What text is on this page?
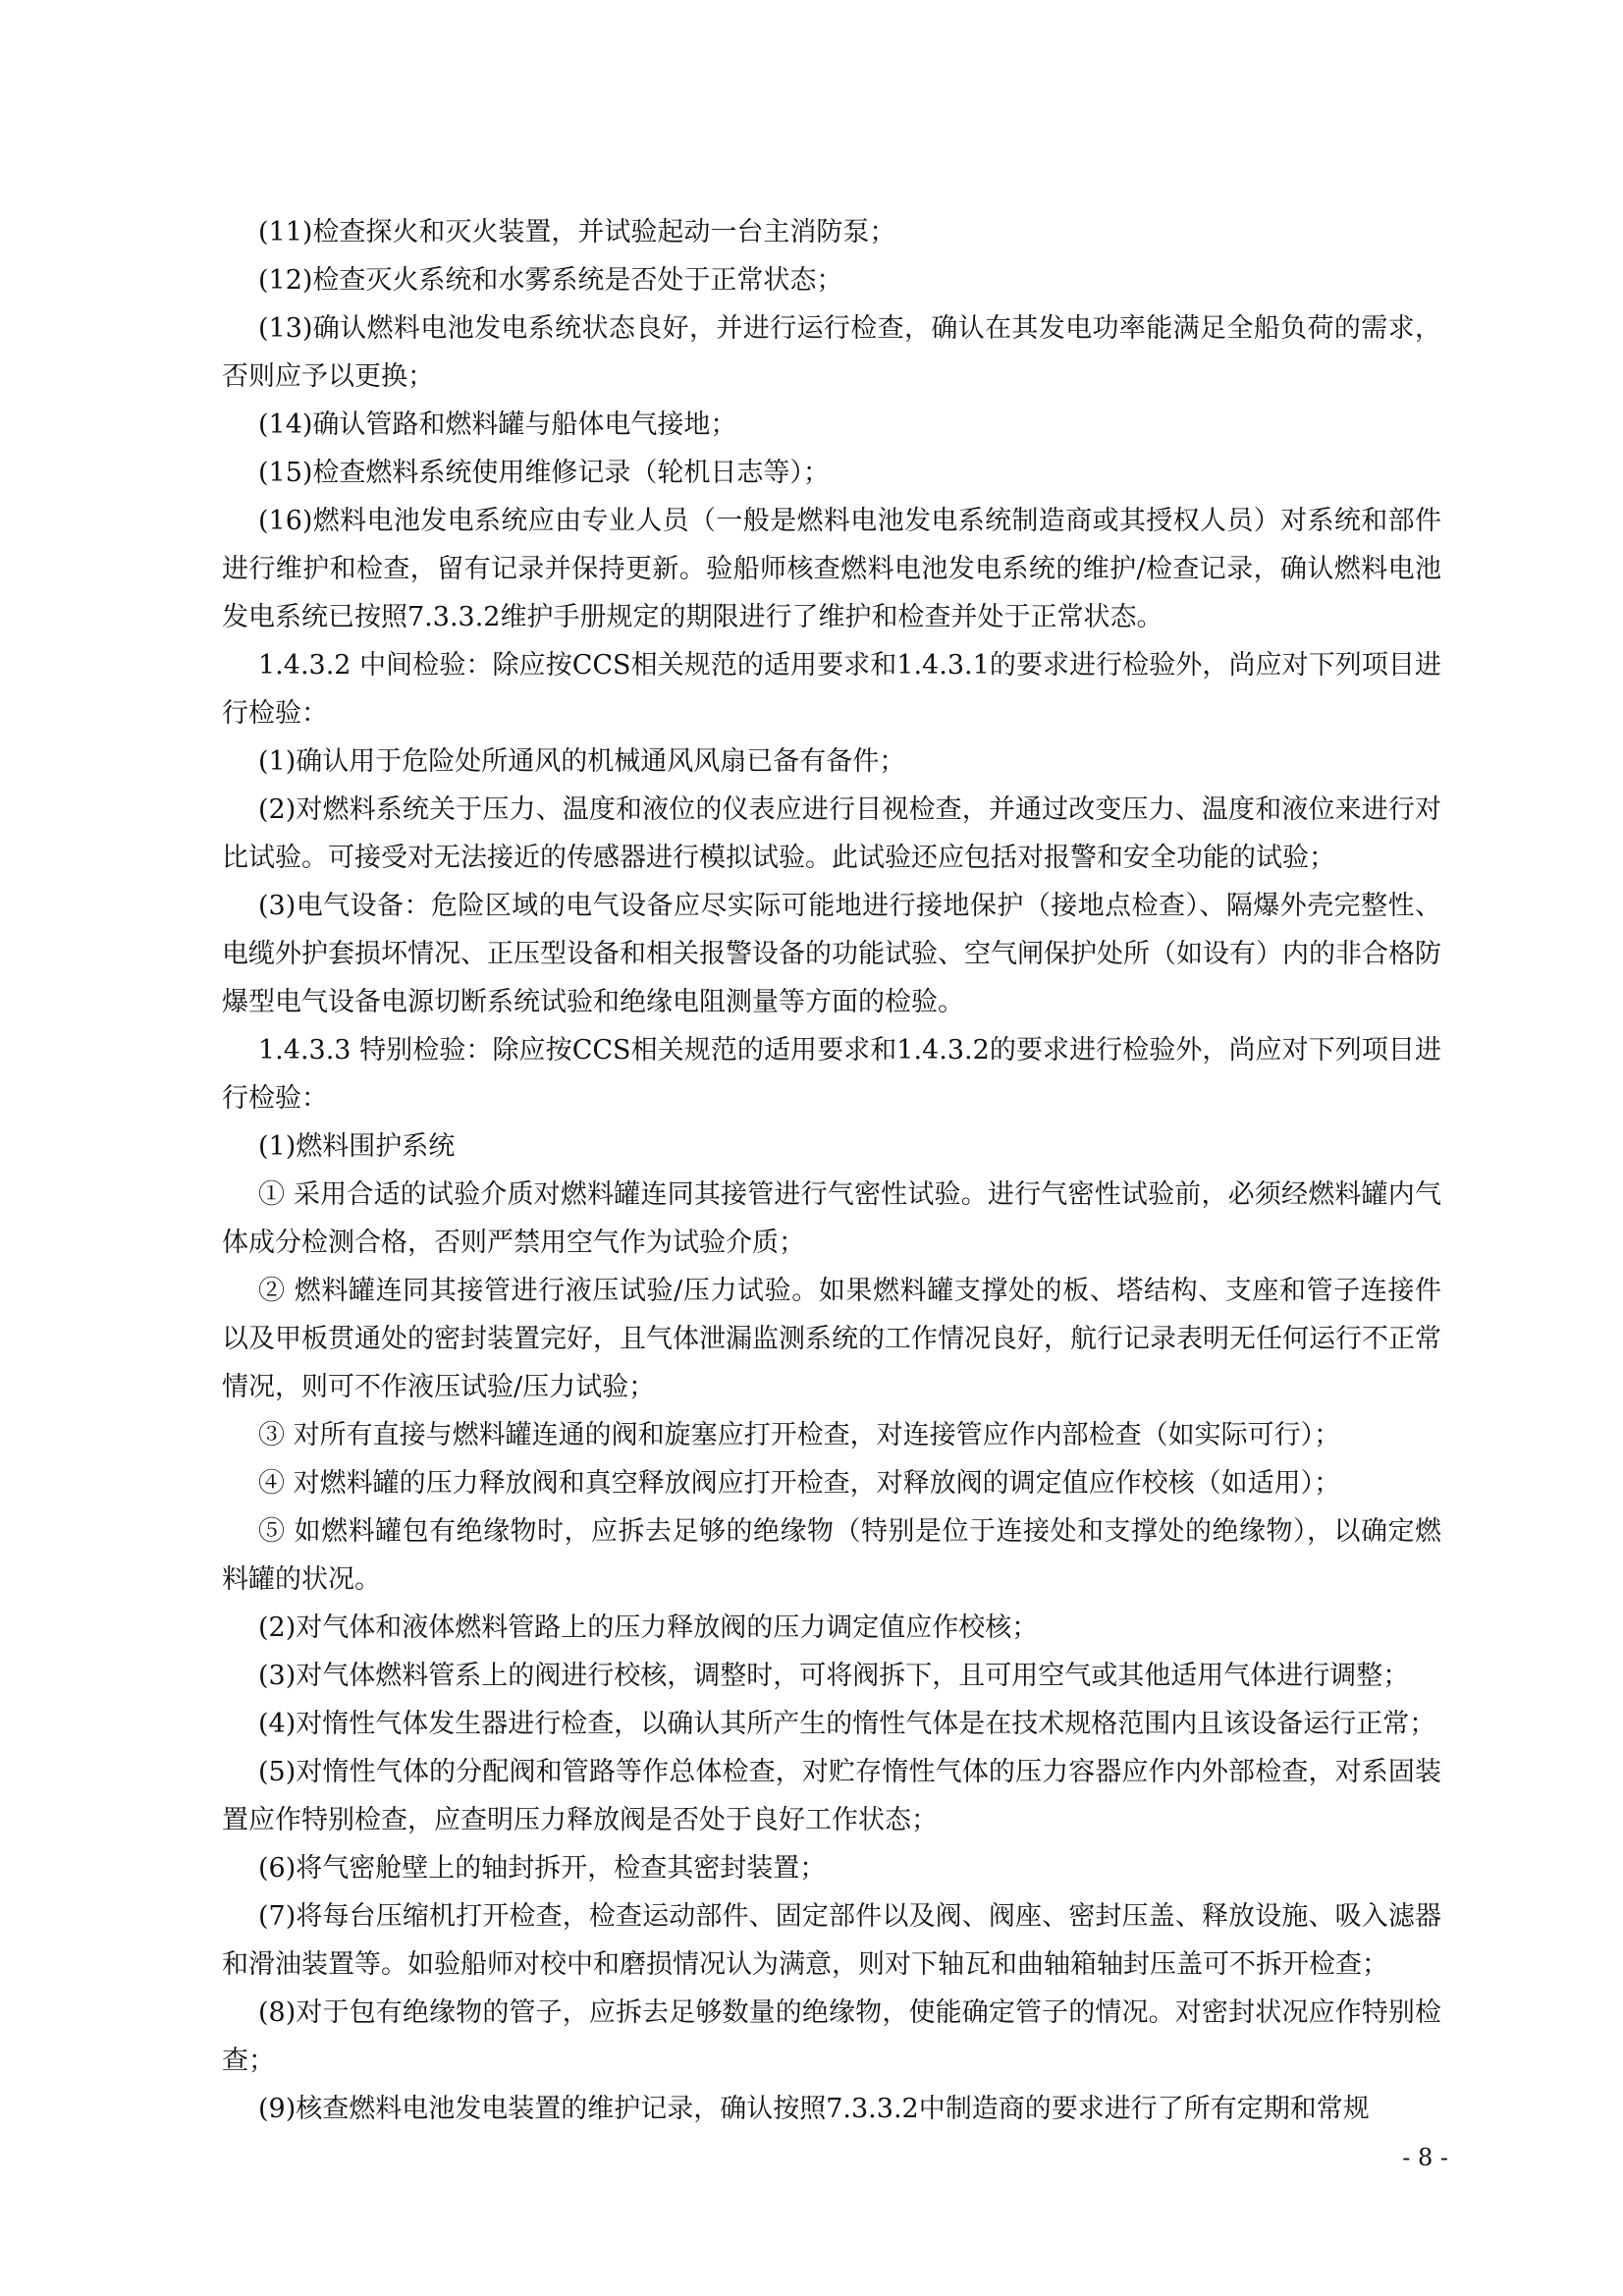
(11)检查探火和灭火装置，并试验起动一台主消防泵；

(12)检查灭火系统和水雾系统是否处于正常状态；

(13)确认燃料电池发电系统状态良好，并进行运行检查，确认在其发电功率能满足全船负荷的需求，否则应予以更换；

(14)确认管路和燃料罐与船体电气接地；

(15)检查燃料系统使用维修记录（轮机日志等）；

(16)燃料电池发电系统应由专业人员（一般是燃料电池发电系统制造商或其授权人员）对系统和部件进行维护和检查，留有记录并保持更新。验船师核查燃料电池发电系统的维护/检查记录，确认燃料电池发电系统已按照7.3.3.2维护手册规定的期限进行了维护和检查并处于正常状态。

1.4.3.2 中间检验：除应按CCS相关规范的适用要求和1.4.3.1的要求进行检验外，尚应对下列项目进行检验：

(1)确认用于危险处所通风的机械通风风扇已备有备件；

(2)对燃料系统关于压力、温度和液位的仪表应进行目视检查，并通过改变压力、温度和液位来进行对比试验。可接受对无法接近的传感器进行模拟试验。此试验还应包括对报警和安全功能的试验；

(3)电气设备：危险区域的电气设备应尽实际可能地进行接地保护（接地点检查）、隔爆外壳完整性、电缆外护套损坏情况、正压型设备和相关报警设备的功能试验、空气闸保护处所（如设有）内的非合格防爆型电气设备电源切断系统试验和绝缘电阻测量等方面的检验。

1.4.3.3 特别检验：除应按CCS相关规范的适用要求和1.4.3.2的要求进行检验外，尚应对下列项目进行检验：

(1)燃料围护系统

① 采用合适的试验介质对燃料罐连同其接管进行气密性试验。进行气密性试验前，必须经燃料罐内气体成分检测合格，否则严禁用空气作为试验介质；

② 燃料罐连同其接管进行液压试验/压力试验。如果燃料罐支撑处的板、塔结构、支座和管子连接件以及甲板贯通处的密封装置完好，且气体泄漏监测系统的工作情况良好，航行记录表明无任何运行不正常情况，则可不作液压试验/压力试验；

③ 对所有直接与燃料罐连通的阀和旋塞应打开检查，对连接管应作内部检查（如实际可行）；

④ 对燃料罐的压力释放阀和真空释放阀应打开检查，对释放阀的调定值应作校核（如适用）；

⑤ 如燃料罐包有绝缘物时，应拆去足够的绝缘物（特别是位于连接处和支撑处的绝缘物），以确定燃料罐的状况。

(2)对气体和液体燃料管路上的压力释放阀的压力调定值应作校核；

(3)对气体燃料管系上的阀进行校核，调整时，可将阀拆下，且可用空气或其他适用气体进行调整；

(4)对惰性气体发生器进行检查，以确认其所产生的惰性气体是在技术规格范围内且该设备运行正常；

(5)对惰性气体的分配阀和管路等作总体检查，对贮存惰性气体的压力容器应作内外部检查，对系固装置应作特别检查，应查明压力释放阀是否处于良好工作状态；

(6)将气密舱壁上的轴封拆开，检查其密封装置；

(7)将每台压缩机打开检查，检查运动部件、固定部件以及阀、阀座、密封压盖、释放设施、吸入滤器和滑油装置等。如验船师对校中和磨损情况认为满意，则对下轴瓦和曲轴箱轴封压盖可不拆开检查；

(8)对于包有绝缘物的管子，应拆去足够数量的绝缘物，使能确定管子的情况。对密封状况应作特别检查；

(9)核查燃料电池发电装置的维护记录，确认按照7.3.3.2中制造商的要求进行了所有定期和常规

- 8 -
